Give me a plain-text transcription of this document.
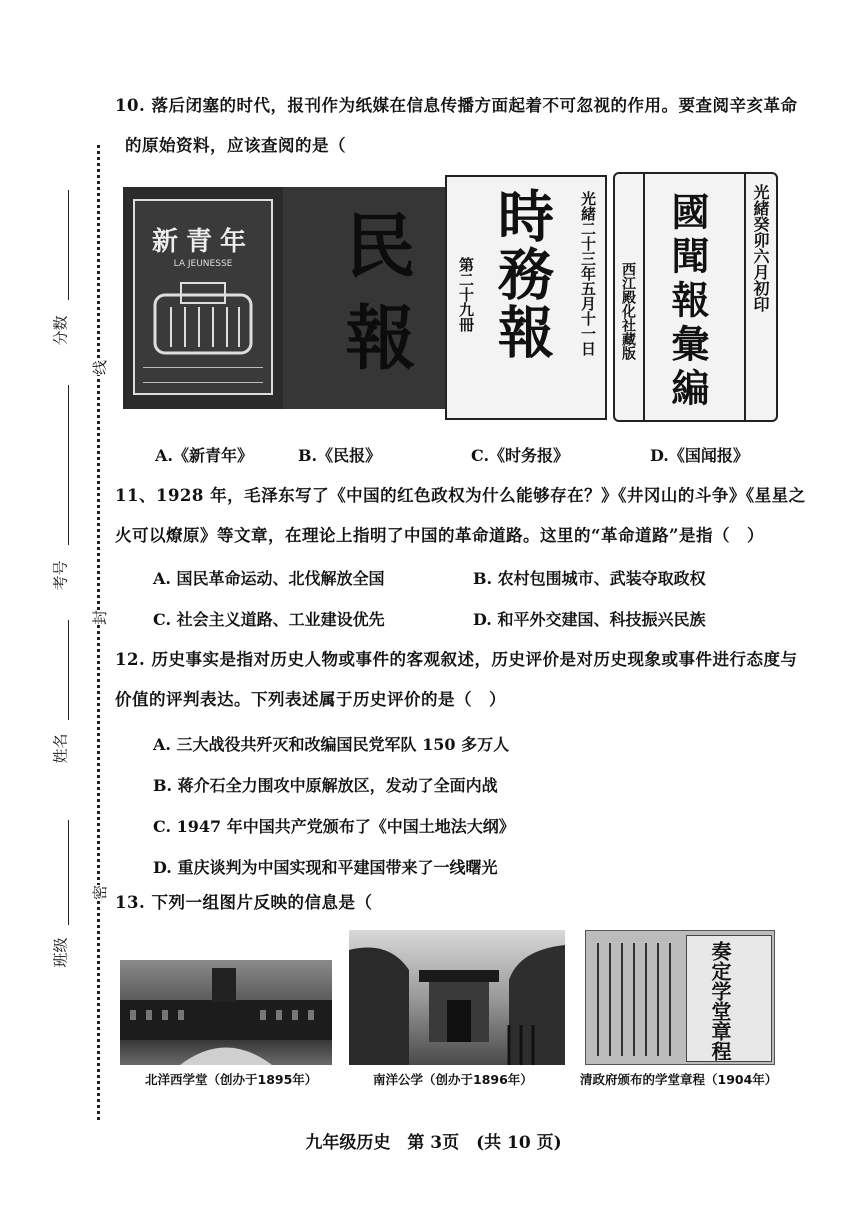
分数
考号
姓名
班级
线
封
密
10. 落后闭塞的时代，报刊作为纸媒在信息传播方面起着不可忽视的作用。要查阅辛亥革命
的原始资料，应该查阅的是（
新青年
LA JEUNESSE	民報	光緒二十三年五月十一日
時務報
第二十九冊	光緒癸卯六月初印
國聞報彙編
西江殿化社藏版
A.《新青年》	B.《民报》	C.《时务报》	D.《国闻报》
11、1928 年，毛泽东写了《中国的红色政权为什么能够存在？》《井冈山的斗争》《星星之
火可以燎原》等文章，在理论上指明了中国的革命道路。这里的“革命道路”是指（　）
A. 国民革命运动、北伐解放全国	B. 农村包围城市、武装夺取政权
C. 社会主义道路、工业建设优先	D. 和平外交建国、科技振兴民族
12. 历史事实是指对历史人物或事件的客观叙述，历史评价是对历史现象或事件进行态度与
价值的评判表达。下列表述属于历史评价的是（　）
A. 三大战役共歼灭和改编国民党军队 150 多万人
B. 蒋介石全力围攻中原解放区，发动了全面内战
C. 1947 年中国共产党颁布了《中国土地法大纲》
D. 重庆谈判为中国实现和平建国带来了一线曙光
13. 下列一组图片反映的信息是（
北洋西学堂（创办于1895年）	南洋公学（创办于1896年）
奏定学堂章程
清政府颁布的学堂章程（1904年）
九年级历史　第 3页　(共 10 页)
